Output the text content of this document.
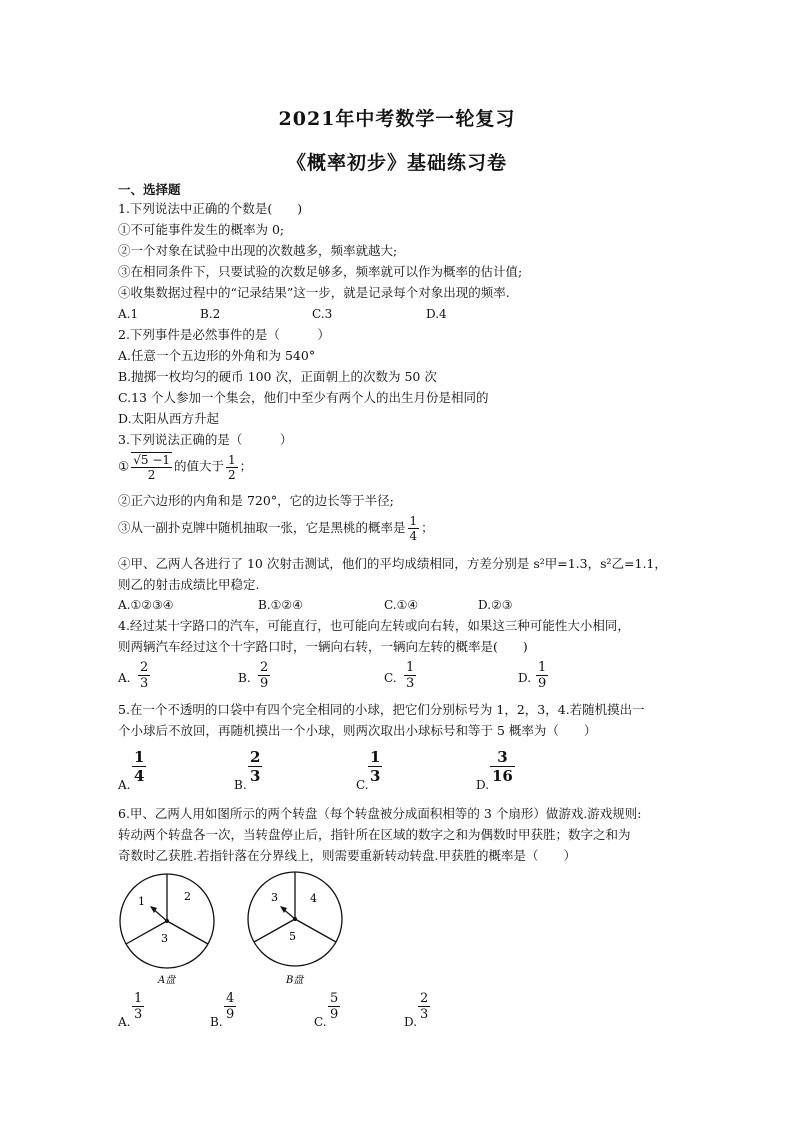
2021年中考数学一轮复习
《概率初步》基础练习卷
一、选择题
1.下列说法中正确的个数是(　　)
①不可能事件发生的概率为 0;
②一个对象在试验中出现的次数越多，频率就越大;
③在相同条件下，只要试验的次数足够多，频率就可以作为概率的估计值;
④收集数据过程中的“记录结果”这一步，就是记录每个对象出现的频率.
A.1	B.2	C.3	D.4
2.下列事件是必然事件的是（　　　）
A.任意一个五边形的外角和为 540°
B.抛掷一枚均匀的硬币 100 次，正面朝上的次数为 50 次
C.13 个人参加一个集会，他们中至少有两个人的出生月份是相同的
D.太阳从西方升起
3.下列说法正确的是（　　　）
① $\frac{√5 -1}{2}$ 的值大于 $\frac{1}{2}$ ；
②正六边形的内角和是 720°，它的边长等于半径;
③从一副扑克牌中随机抽取一张，它是黑桃的概率是 $\frac{1}{4}$ ；
④甲、乙两人各进行了 10 次射击测试，他们的平均成绩相同，方差分别是 s²甲=1.3，s²乙=1.1，
则乙的射击成绩比甲稳定.
A.①②③④	B.①②④	C.①④	D.②③
4.经过某十字路口的汽车，可能直行，也可能向左转或向右转，如果这三种可能性大小相同，
则两辆汽车经过这个十字路口时，一辆向右转，一辆向左转的概率是(　　)
A. $\frac{2}{3}$	B. $\frac{2}{9}$	C. $\frac{1}{3}$	D. $\frac{1}{9}$
5.在一个不透明的口袋中有四个完全相同的小球，把它们分别标号为 1，2，3，4.若随机摸出一
个小球后不放回，再随机摸出一个小球，则两次取出小球标号和等于 5 概率为（　　）
A. $\frac{1}{4}$	B. $\frac{2}{3}$	C. $\frac{1}{3}$	D. $\frac{3}{16}$
6.甲、乙两人用如图所示的两个转盘（每个转盘被分成面积相等的 3 个扇形）做游戏.游戏规则:
转动两个转盘各一次，当转盘停止后，指针所在区域的数字之和为偶数时甲获胜；数字之和为
奇数时乙获胜.若指针落在分界线上，则需要重新转动转盘.甲获胜的概率是（　　）
1	2
3
A盘
3	4
5
B盘
A. $\frac{1}{3}$	B. $\frac{4}{9}$	C. $\frac{5}{9}$	D. $\frac{2}{3}$
